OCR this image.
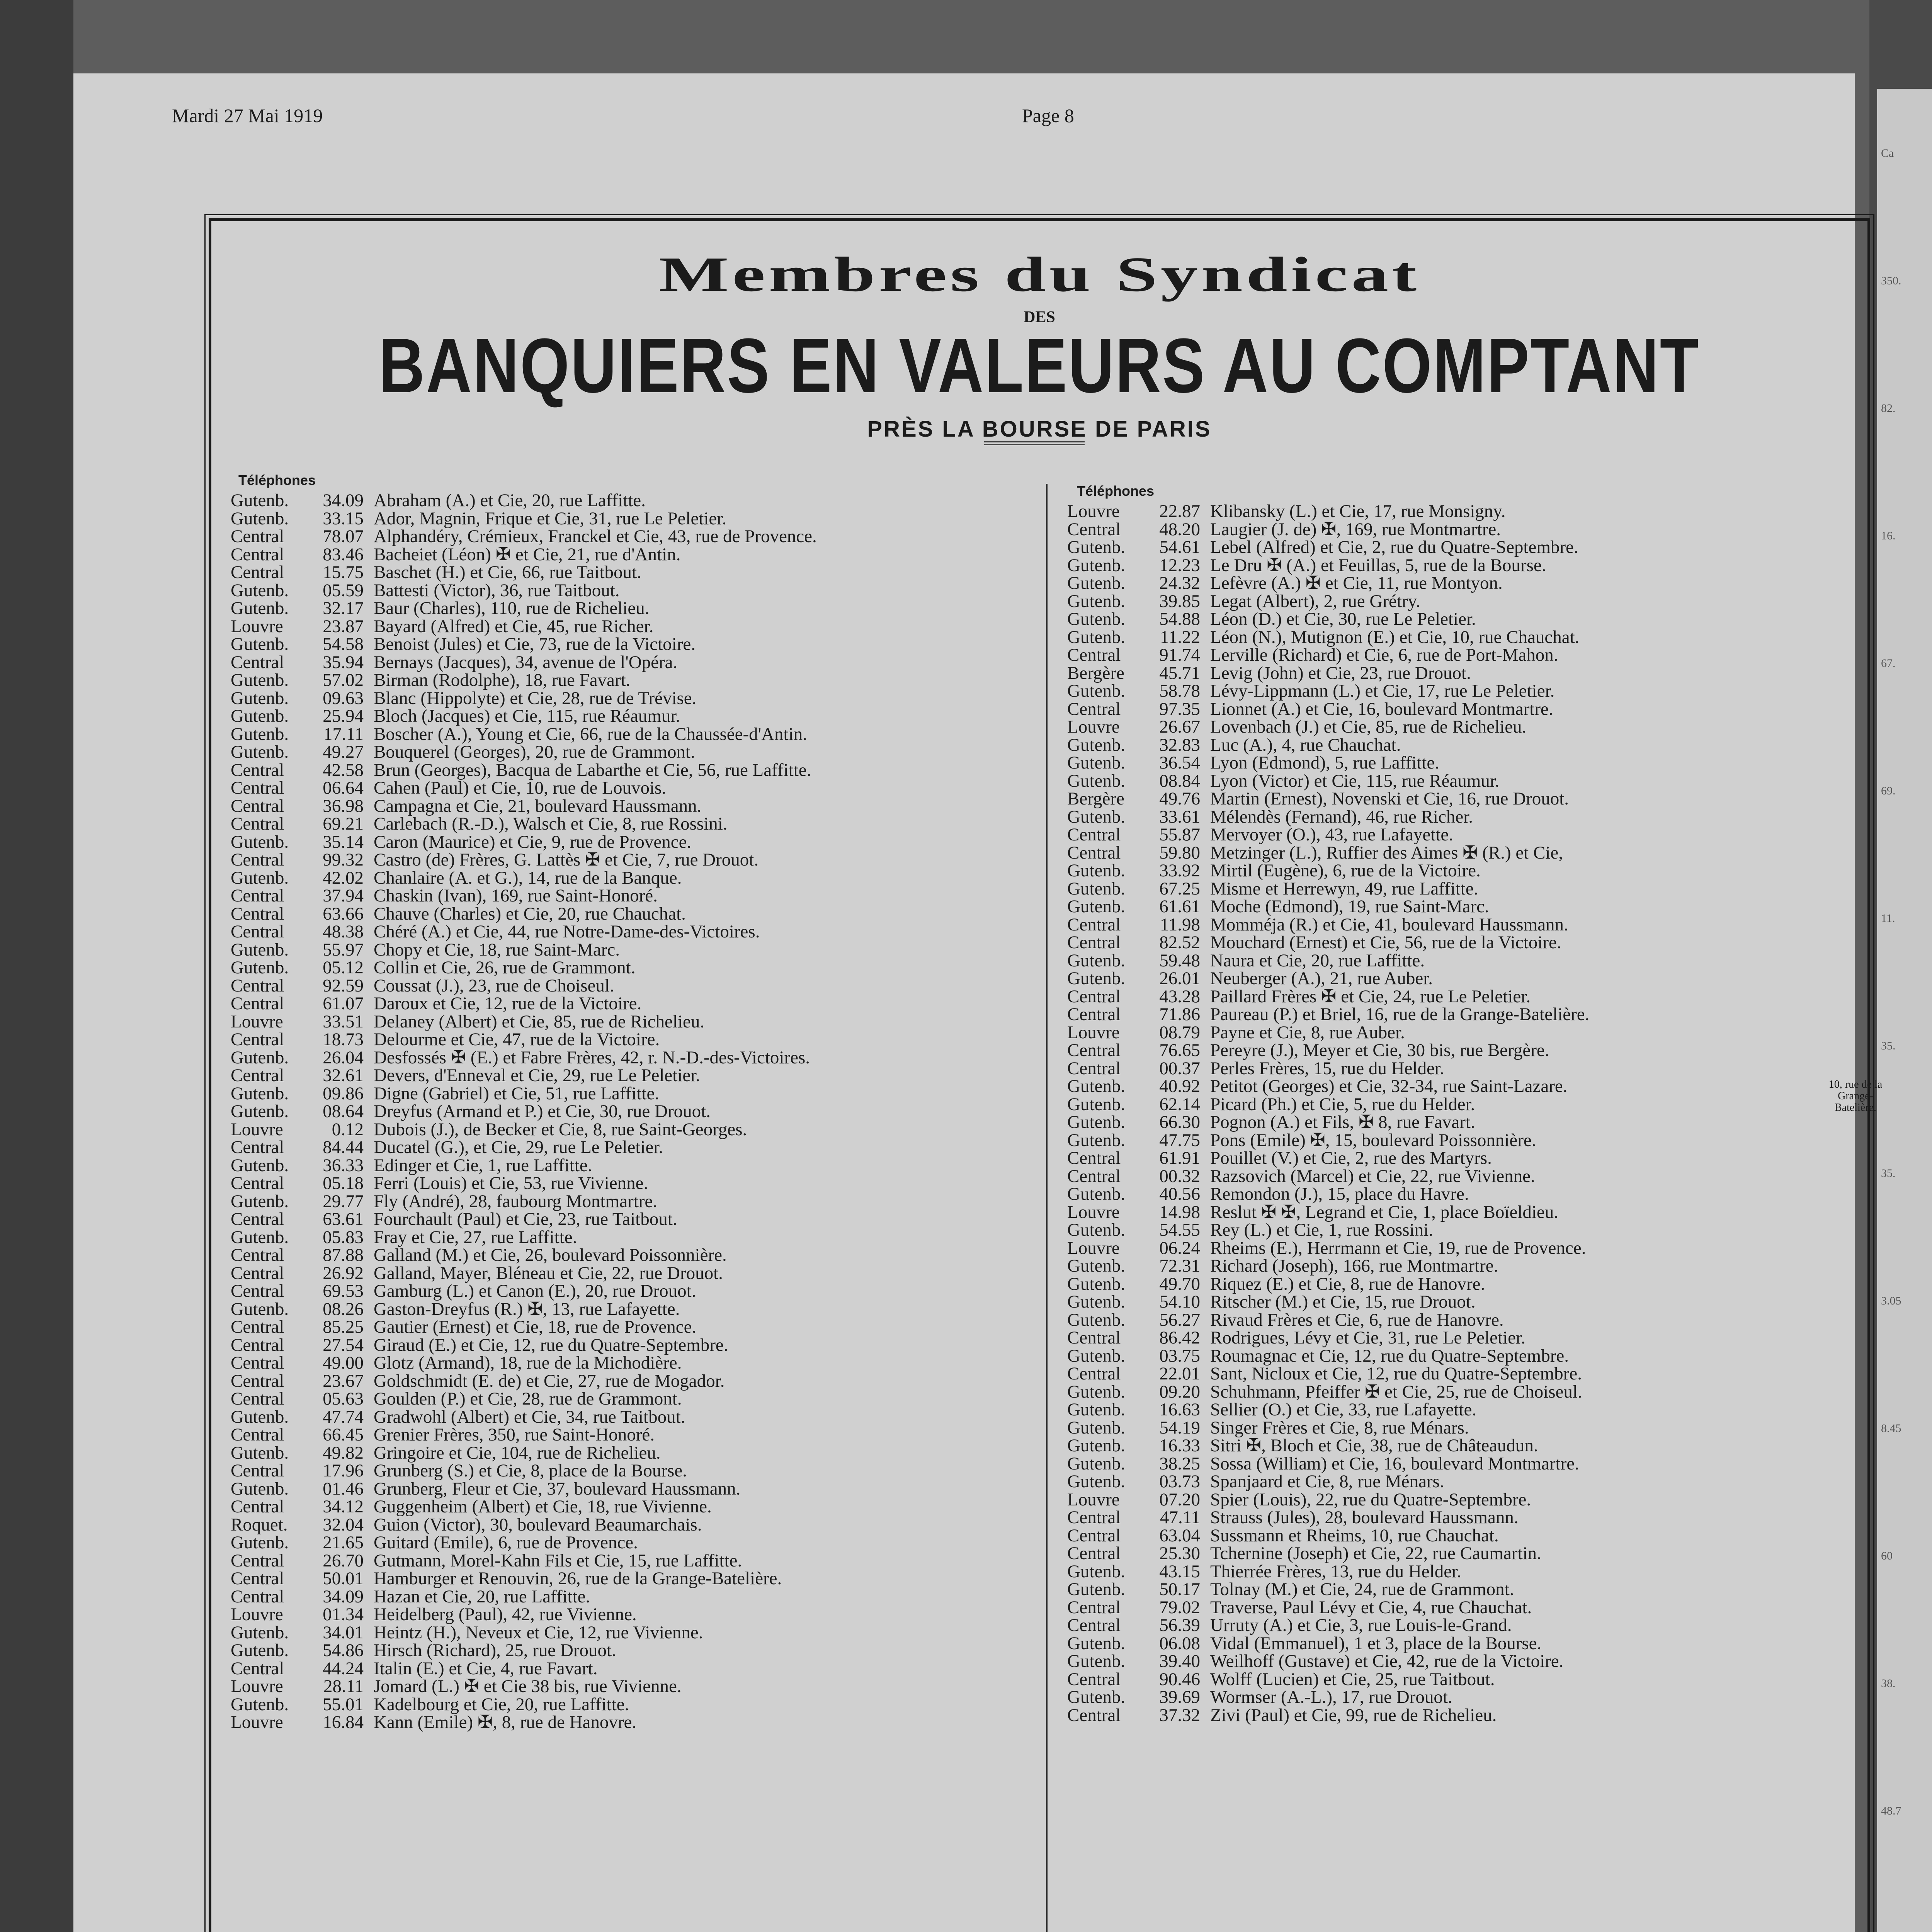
Ca
350.
82.
16.
67.
69.
11.
35.
35.
3.05
8.45
60
38.
48.7
Mardi 27 Mai 1919	Page 8
Membres du Syndicat
DES
BANQUIERS EN VALEURS AU COMPTANT
PRÈS LA BOURSE DE PARIS
Téléphones
Téléphones
Gutenb.	34.09 Abraham (A.) et Cie, 20, rue Laffitte.
Gutenb.	33.15 Ador, Magnin, Frique et Cie, 31, rue Le Peletier.
Central	78.07 Alphandéry, Crémieux, Franckel et Cie, 43, rue de Provence.
Central	83.46 Bacheiet (Léon) ✠ et Cie, 21, rue d'Antin.
Central	15.75 Baschet (H.) et Cie, 66, rue Taitbout.
Gutenb.	05.59 Battesti (Victor), 36, rue Taitbout.
Gutenb.	32.17 Baur (Charles), 110, rue de Richelieu.
Louvre	23.87 Bayard (Alfred) et Cie, 45, rue Richer.
Gutenb.	54.58 Benoist (Jules) et Cie, 73, rue de la Victoire.
Central	35.94 Bernays (Jacques), 34, avenue de l'Opéra.
Gutenb.	57.02 Birman (Rodolphe), 18, rue Favart.
Gutenb.	09.63 Blanc (Hippolyte) et Cie, 28, rue de Trévise.
Gutenb.	25.94 Bloch (Jacques) et Cie, 115, rue Réaumur.
Gutenb.	17.11 Boscher (A.), Young et Cie, 66, rue de la Chaussée-d'Antin.
Gutenb.	49.27 Bouquerel (Georges), 20, rue de Grammont.
Central	42.58 Brun (Georges), Bacqua de Labarthe et Cie, 56, rue Laffitte.
Central	06.64 Cahen (Paul) et Cie, 10, rue de Louvois.
Central	36.98 Campagna et Cie, 21, boulevard Haussmann.
Central	69.21 Carlebach (R.-D.), Walsch et Cie, 8, rue Rossini.
Gutenb.	35.14 Caron (Maurice) et Cie, 9, rue de Provence.
Central	99.32 Castro (de) Frères, G. Lattès ✠ et Cie, 7, rue Drouot.
Gutenb.	42.02 Chanlaire (A. et G.), 14, rue de la Banque.
Central	37.94 Chaskin (Ivan), 169, rue Saint-Honoré.
Central	63.66 Chauve (Charles) et Cie, 20, rue Chauchat.
Central	48.38 Chéré (A.) et Cie, 44, rue Notre-Dame-des-Victoires.
Gutenb.	55.97 Chopy et Cie, 18, rue Saint-Marc.
Gutenb.	05.12 Collin et Cie, 26, rue de Grammont.
Central	92.59 Coussat (J.), 23, rue de Choiseul.
Central	61.07 Daroux et Cie, 12, rue de la Victoire.
Louvre	33.51 Delaney (Albert) et Cie, 85, rue de Richelieu.
Central	18.73 Delourme et Cie, 47, rue de la Victoire.
Gutenb.	26.04 Desfossés ✠ (E.) et Fabre Frères, 42, r. N.-D.-des-Victoires.
Central	32.61 Devers, d'Enneval et Cie, 29, rue Le Peletier.
Gutenb.	09.86 Digne (Gabriel) et Cie, 51, rue Laffitte.
Gutenb.	08.64 Dreyfus (Armand et P.) et Cie, 30, rue Drouot.
Louvre	0.12 Dubois (J.), de Becker et Cie, 8, rue Saint-Georges.
Central	84.44 Ducatel (G.), et Cie, 29, rue Le Peletier.
Gutenb.	36.33 Edinger et Cie, 1, rue Laffitte.
Central	05.18 Ferri (Louis) et Cie, 53, rue Vivienne.
Gutenb.	29.77 Fly (André), 28, faubourg Montmartre.
Central	63.61 Fourchault (Paul) et Cie, 23, rue Taitbout.
Gutenb.	05.83 Fray et Cie, 27, rue Laffitte.
Central	87.88 Galland (M.) et Cie, 26, boulevard Poissonnière.
Central	26.92 Galland, Mayer, Bléneau et Cie, 22, rue Drouot.
Central	69.53 Gamburg (L.) et Canon (E.), 20, rue Drouot.
Gutenb.	08.26 Gaston-Dreyfus (R.) ✠, 13, rue Lafayette.
Central	85.25 Gautier (Ernest) et Cie, 18, rue de Provence.
Central	27.54 Giraud (E.) et Cie, 12, rue du Quatre-Septembre.
Central	49.00 Glotz (Armand), 18, rue de la Michodière.
Central	23.67 Goldschmidt (E. de) et Cie, 27, rue de Mogador.
Central	05.63 Goulden (P.) et Cie, 28, rue de Grammont.
Gutenb.	47.74 Gradwohl (Albert) et Cie, 34, rue Taitbout.
Central	66.45 Grenier Frères, 350, rue Saint-Honoré.
Gutenb.	49.82 Gringoire et Cie, 104, rue de Richelieu.
Central	17.96 Grunberg (S.) et Cie, 8, place de la Bourse.
Gutenb.	01.46 Grunberg, Fleur et Cie, 37, boulevard Haussmann.
Central	34.12 Guggenheim (Albert) et Cie, 18, rue Vivienne.
Roquet.	32.04 Guion (Victor), 30, boulevard Beaumarchais.
Gutenb.	21.65 Guitard (Emile), 6, rue de Provence.
Central	26.70 Gutmann, Morel-Kahn Fils et Cie, 15, rue Laffitte.
Central	50.01 Hamburger et Renouvin, 26, rue de la Grange-Batelière.
Central	34.09 Hazan et Cie, 20, rue Laffitte.
Louvre	01.34 Heidelberg (Paul), 42, rue Vivienne.
Gutenb.	34.01 Heintz (H.), Neveux et Cie, 12, rue Vivienne.
Gutenb.	54.86 Hirsch (Richard), 25, rue Drouot.
Central	44.24 Italin (E.) et Cie, 4, rue Favart.
Louvre	28.11 Jomard (L.) ✠ et Cie 38 bis, rue Vivienne.
Gutenb.	55.01 Kadelbourg et Cie, 20, rue Laffitte.
Louvre	16.84 Kann (Emile) ✠, 8, rue de Hanovre.
Louvre	22.87 Klibansky (L.) et Cie, 17, rue Monsigny.
Central	48.20 Laugier (J. de) ✠, 169, rue Montmartre.
Gutenb.	54.61 Lebel (Alfred) et Cie, 2, rue du Quatre-Septembre.
Gutenb.	12.23 Le Dru ✠ (A.) et Feuillas, 5, rue de la Bourse.
Gutenb.	24.32 Lefèvre (A.) ✠ et Cie, 11, rue Montyon.
Gutenb.	39.85 Legat (Albert), 2, rue Grétry.
Gutenb.	54.88 Léon (D.) et Cie, 30, rue Le Peletier.
Gutenb.	11.22 Léon (N.), Mutignon (E.) et Cie, 10, rue Chauchat.
Central	91.74 Lerville (Richard) et Cie, 6, rue de Port-Mahon.
Bergère	45.71 Levig (John) et Cie, 23, rue Drouot.
Gutenb.	58.78 Lévy-Lippmann (L.) et Cie, 17, rue Le Peletier.
Central	97.35 Lionnet (A.) et Cie, 16, boulevard Montmartre.
Louvre	26.67 Lovenbach (J.) et Cie, 85, rue de Richelieu.
Gutenb.	32.83 Luc (A.), 4, rue Chauchat.
Gutenb.	36.54 Lyon (Edmond), 5, rue Laffitte.
Gutenb.	08.84 Lyon (Victor) et Cie, 115, rue Réaumur.
Bergère	49.76 Martin (Ernest), Novenski et Cie, 16, rue Drouot.
Gutenb.	33.61 Mélendès (Fernand), 46, rue Richer.
Central	55.87 Mervoyer (O.), 43, rue Lafayette.
Central	59.80 Metzinger (L.), Ruffier des Aimes ✠ (R.) et Cie,
Gutenb.	33.92 Mirtil (Eugène), 6, rue de la Victoire.
Gutenb.	67.25 Misme et Herrewyn, 49, rue Laffitte.
Gutenb.	61.61 Moche (Edmond), 19, rue Saint-Marc.
Central	11.98 Momméja (R.) et Cie, 41, boulevard Haussmann.
Central	82.52 Mouchard (Ernest) et Cie, 56, rue de la Victoire.
Gutenb.	59.48 Naura et Cie, 20, rue Laffitte.
Gutenb.	26.01 Neuberger (A.), 21, rue Auber.
Central	43.28 Paillard Frères ✠ et Cie, 24, rue Le Peletier.
Central	71.86 Paureau (P.) et Briel, 16, rue de la Grange-Batelière.
Louvre	08.79 Payne et Cie, 8, rue Auber.
Central	76.65 Pereyre (J.), Meyer et Cie, 30 bis, rue Bergère.
Central	00.37 Perles Frères, 15, rue du Helder.
Gutenb.	40.92 Petitot (Georges) et Cie, 32-34, rue Saint-Lazare.
Gutenb.	62.14 Picard (Ph.) et Cie, 5, rue du Helder.
Gutenb.	66.30 Pognon (A.) et Fils, ✠ 8, rue Favart.
Gutenb.	47.75 Pons (Emile) ✠, 15, boulevard Poissonnière.
Central	61.91 Pouillet (V.) et Cie, 2, rue des Martyrs.
Central	00.32 Razsovich (Marcel) et Cie, 22, rue Vivienne.
Gutenb.	40.56 Remondon (J.), 15, place du Havre.
Louvre	14.98 Reslut ✠ ✠, Legrand et Cie, 1, place Boïeldieu.
Gutenb.	54.55 Rey (L.) et Cie, 1, rue Rossini.
Louvre	06.24 Rheims (E.), Herrmann et Cie, 19, rue de Provence.
Gutenb.	72.31 Richard (Joseph), 166, rue Montmartre.
Gutenb.	49.70 Riquez (E.) et Cie, 8, rue de Hanovre.
Gutenb.	54.10 Ritscher (M.) et Cie, 15, rue Drouot.
Gutenb.	56.27 Rivaud Frères et Cie, 6, rue de Hanovre.
Central	86.42 Rodrigues, Lévy et Cie, 31, rue Le Peletier.
Gutenb.	03.75 Roumagnac et Cie, 12, rue du Quatre-Septembre.
Central	22.01 Sant, Nicloux et Cie, 12, rue du Quatre-Septembre.
Gutenb.	09.20 Schuhmann, Pfeiffer ✠ et Cie, 25, rue de Choiseul.
Gutenb.	16.63 Sellier (O.) et Cie, 33, rue Lafayette.
Gutenb.	54.19 Singer Frères et Cie, 8, rue Ménars.
Gutenb.	16.33 Sitri ✠, Bloch et Cie, 38, rue de Châteaudun.
Gutenb.	38.25 Sossa (William) et Cie, 16, boulevard Montmartre.
Gutenb.	03.73 Spanjaard et Cie, 8, rue Ménars.
Louvre	07.20 Spier (Louis), 22, rue du Quatre-Septembre.
Central	47.11 Strauss (Jules), 28, boulevard Haussmann.
Central	63.04 Sussmann et Rheims, 10, rue Chauchat.
Central	25.30 Tchernine (Joseph) et Cie, 22, rue Caumartin.
Gutenb.	43.15 Thierrée Frères, 13, rue du Helder.
Gutenb.	50.17 Tolnay (M.) et Cie, 24, rue de Grammont.
Central	79.02 Traverse, Paul Lévy et Cie, 4, rue Chauchat.
Central	56.39 Urruty (A.) et Cie, 3, rue Louis-le-Grand.
Gutenb.	06.08 Vidal (Emmanuel), 1 et 3, place de la Bourse.
Gutenb.	39.40 Weilhoff (Gustave) et Cie, 42, rue de la Victoire.
Central	90.46 Wolff (Lucien) et Cie, 25, rue Taitbout.
Gutenb.	39.69 Wormser (A.-L.), 17, rue Drouot.
Central	37.32 Zivi (Paul) et Cie, 99, rue de Richelieu.
10, rue de la Grange-Batelière.
